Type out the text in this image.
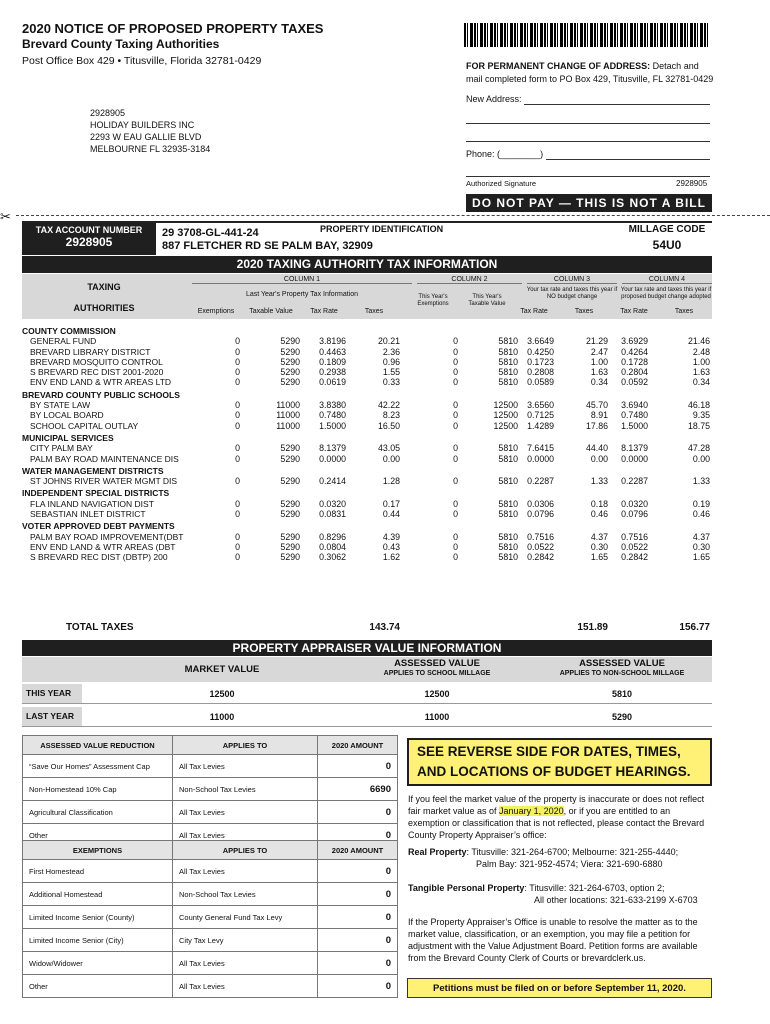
2020 NOTICE OF PROPOSED PROPERTY TAXES
Brevard County Taxing Authorities
Post Office Box 429 • Titusville, Florida 32781-0429	FOR PERMANENT CHANGE OF ADDRESS: Detach and
mail completed form to PO Box 429, Titusville, FL 32781-0429
New Address:
Phone: (________)
Authorized Signature	2928905
2928905
HOLIDAY BUILDERS INC
2293 W EAU GALLIE BLVD
MELBOURNE FL 32935-3184
DO NOT PAY — THIS IS NOT A BILL
✂
TAX ACCOUNT NUMBER
2928905
29 3708-GL-441-24	PROPERTY IDENTIFICATION
887 FLETCHER RD SE PALM BAY, 32909
MILLAGE CODE
54U0
2020 TAXING AUTHORITY TAX INFORMATION
TAXING
AUTHORITIES
COLUMN 1
Last Year's Property Tax Information
COLUMN 2	COLUMN 3
Your tax rate and taxes this year if NO budget change
COLUMN 4
Your tax rate and taxes this year if proposed budget change adopted
Exemptions	Taxable Value	Tax Rate	Taxes
This Year's Exemptions
This Year's Taxable Value
Tax Rate	Taxes	Tax Rate	Taxes
COUNTY COMMISSION
GENERAL FUND	0	5290	3.8196	20.21	0	5810	3.6649	21.29	3.6929	21.46
BREVARD LIBRARY DISTRICT	0	5290	0.4463	2.36	0	5810	0.4250	2.47	0.4264	2.48
BREVARD MOSQUITO CONTROL	0	5290	0.1809	0.96	0	5810	0.1723	1.00	0.1728	1.00
S BREVARD REC DIST 2001-2020	0	5290	0.2938	1.55	0	5810	0.2808	1.63	0.2804	1.63
ENV END LAND & WTR AREAS LTD	0	5290	0.0619	0.33	0	5810	0.0589	0.34	0.0592	0.34
BREVARD COUNTY PUBLIC SCHOOLS
BY STATE LAW	0	11000	3.8380	42.22	0	12500	3.6560	45.70	3.6940	46.18
BY LOCAL BOARD	0	11000	0.7480	8.23	0	12500	0.7125	8.91	0.7480	9.35
SCHOOL CAPITAL OUTLAY	0	11000	1.5000	16.50	0	12500	1.4289	17.86	1.5000	18.75
MUNICIPAL SERVICES
CITY PALM BAY	0	5290	8.1379	43.05	0	5810	7.6415	44.40	8.1379	47.28
PALM BAY ROAD MAINTENANCE DIS	0	5290	0.0000	0.00	0	5810	0.0000	0.00	0.0000	0.00
WATER MANAGEMENT DISTRICTS
ST JOHNS RIVER WATER MGMT DIS	0	5290	0.2414	1.28	0	5810	0.2287	1.33	0.2287	1.33
INDEPENDENT SPECIAL DISTRICTS
FLA INLAND NAVIGATION DIST	0	5290	0.0320	0.17	0	5810	0.0306	0.18	0.0320	0.19
SEBASTIAN INLET DISTRICT	0	5290	0.0831	0.44	0	5810	0.0796	0.46	0.0796	0.46
VOTER APPROVED DEBT PAYMENTS
PALM BAY ROAD IMPROVEMENT(DBT	0	5290	0.8296	4.39	0	5810	0.7516	4.37	0.7516	4.37
ENV END LAND & WTR AREAS (DBT	0	5290	0.0804	0.43	0	5810	0.0522	0.30	0.0522	0.30
S BREVARD REC DIST (DBTP) 200	0	5290	0.3062	1.62	0	5810	0.2842	1.65	0.2842	1.65
TOTAL TAXES	143.74	151.89	156.77
PROPERTY APPRAISER VALUE INFORMATION
MARKET VALUE
ASSESSED VALUE
APPLIES TO SCHOOL MILLAGE
ASSESSED VALUE
APPLIES TO NON-SCHOOL MILLAGE
THIS YEAR	12500	12500	5810
LAST YEAR	11000	11000	5290
ASSESSED VALUE REDUCTION	APPLIES TO	2020 AMOUNT
“Save Our Homes” Assessment Cap	All Tax Levies	0
Non-Homestead 10% Cap	Non-School Tax Levies	6690
Agricultural Classification	All Tax Levies	0
Other	All Tax Levies	0
EXEMPTIONS	APPLIES TO	2020 AMOUNT
First Homestead	All Tax Levies	0
Additional Homestead	Non-School Tax Levies	0
Limited Income Senior (County)	County General Fund Tax Levy	0
Limited Income Senior (City)	City Tax Levy	0
Widow/Widower	All Tax Levies	0
Other	All Tax Levies	0
SEE REVERSE SIDE FOR DATES, TIMES, AND LOCATIONS OF BUDGET HEARINGS.
If you feel the market value of the property is inaccurate or does not reflect fair market value as of January 1, 2020, or if you are entitled to an exemption or classification that is not reflected, please contact the Brevard County Property Appraiser’s office:
Real Property: Titusville: 321-264-6700; Melbourne: 321-255-4440;
Palm Bay: 321-952-4574; Viera: 321-690-6880
Tangible Personal Property: Titusville: 321-264-6703, option 2;
All other locations: 321-633-2199 X-6703
If the Property Appraiser’s Office is unable to resolve the matter as to the market value, classification, or an exemption, you may file a petition for adjustment with the Value Adjustment Board. Petition forms are available from the Brevard County Clerk of Courts or brevardclerk.us.
Petitions must be filed on or before September 11, 2020.
